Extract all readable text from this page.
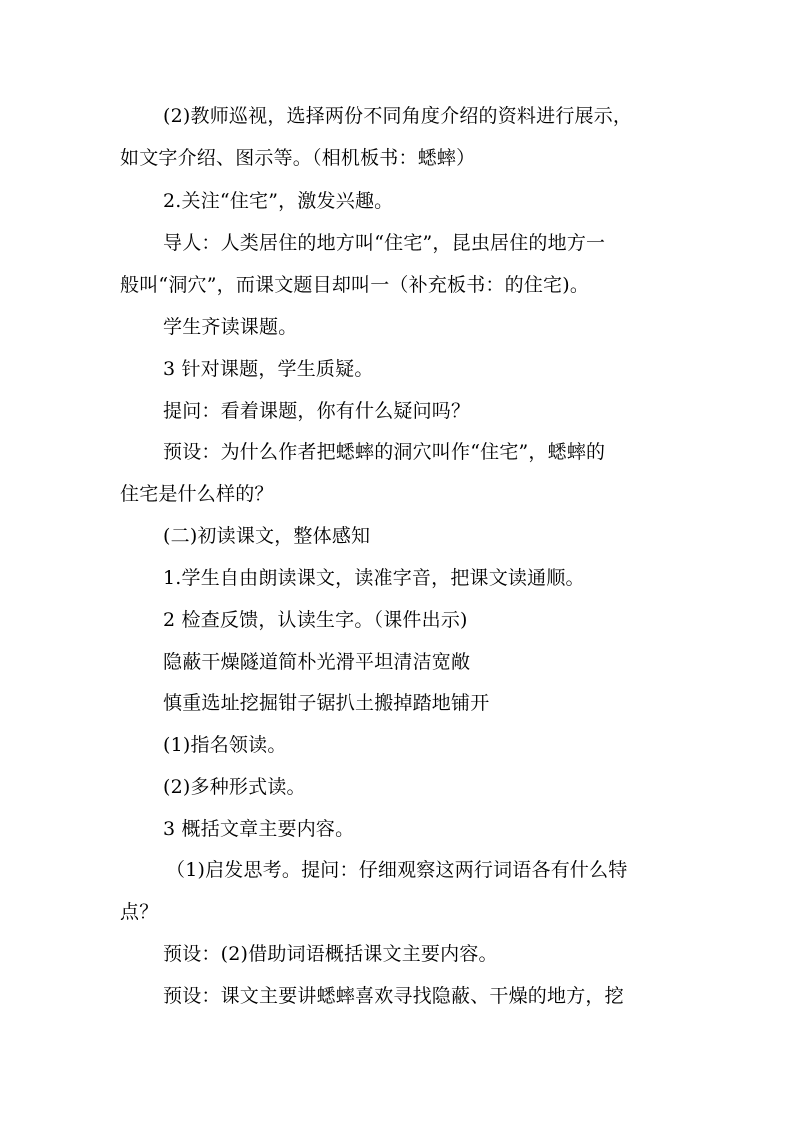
(2)教师巡视，选择两份不同角度介绍的资料进行展示，
如文字介绍、图示等。（相机板书：蟋蟀）
2.关注“住宅”，激发兴趣。
导人：人类居住的地方叫“住宅”，昆虫居住的地方一
般叫“洞穴”，而课文题目却叫一（补充板书：的住宅)。
学生齐读课题。
3 针对课题，学生质疑。
提问：看着课题，你有什么疑问吗？
预设：为什么作者把蟋蟀的洞穴叫作“住宅”，蟋蟀的
住宅是什么样的？
(二)初读课文，整体感知
1.学生自由朗读课文，读准字音，把课文读通顺。
2 检查反馈，认读生字。（课件出示)
隐蔽干燥隧道简朴光滑平坦清洁宽敞
慎重选址挖掘钳子锯扒土搬掉踏地铺开
(1)指名领读。
(2)多种形式读。
3 概括文章主要内容。
（1)启发思考。提问：仔细观察这两行词语各有什么特
点？
预设：(2)借助词语概括课文主要内容。
预设：课文主要讲蟋蟀喜欢寻找隐蔽、干燥的地方，挖
